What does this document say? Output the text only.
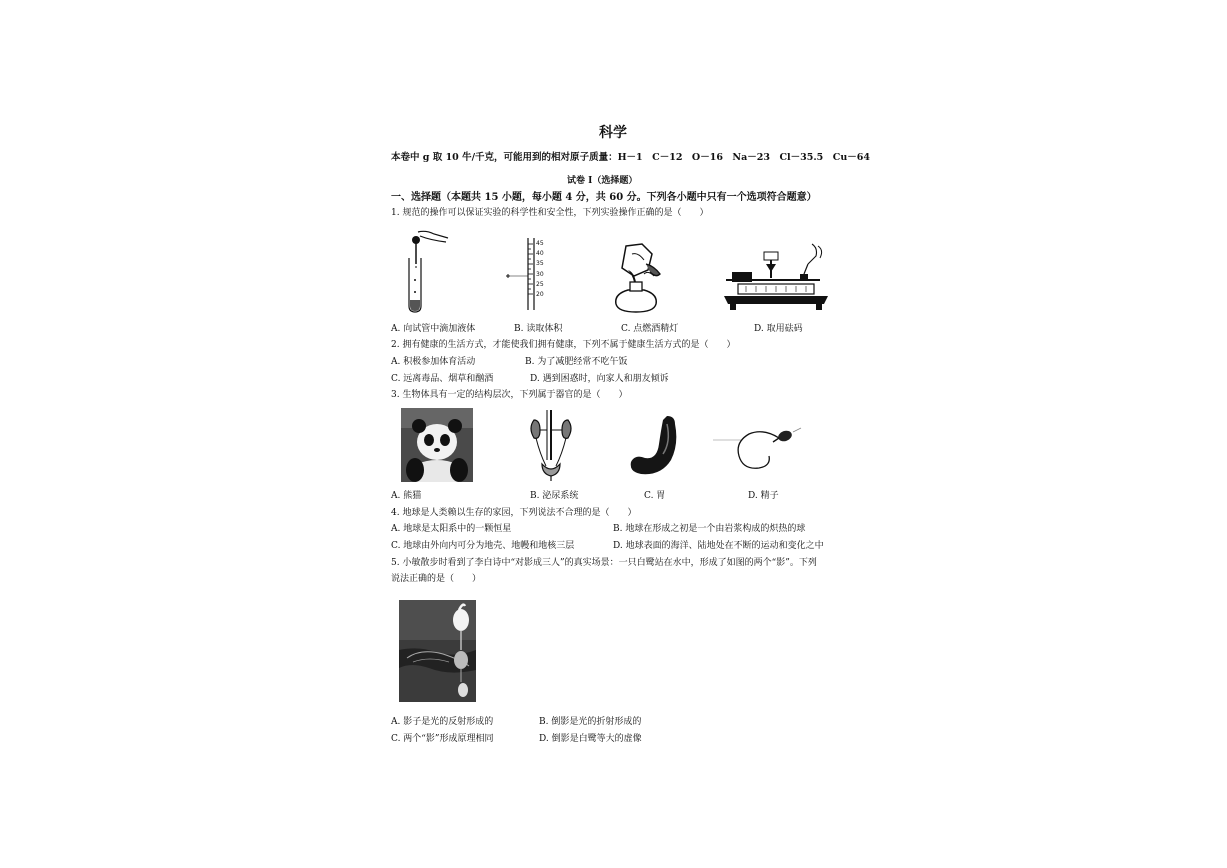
科学
本卷中 g 取 10 牛/千克，可能用到的相对原子质量：H－1　C－12　O－16　Na－23　Cl－35.5　Cu－64
试卷 I（选择题）
一、选择题（本题共 15 小题，每小题 4 分，共 60 分。下列各小题中只有一个选项符合题意）
1. 规范的操作可以保证实验的科学性和安全性，下列实验操作正确的是（　　）
45
40
35
30
25
20
A. 向试管中滴加液体	B. 读取体积	C. 点燃酒精灯	D. 取用砝码
2. 拥有健康的生活方式，才能使我们拥有健康，下列不属于健康生活方式的是（　　）
A. 积极参加体育活动	B. 为了减肥经常不吃午饭
C. 远离毒品、烟草和酗酒	D. 遇到困惑时，向家人和朋友倾诉
3. 生物体具有一定的结构层次，下列属于器官的是（　　）
A. 熊猫	B. 泌尿系统	C. 胃	D. 精子
4. 地球是人类赖以生存的家园，下列说法不合理的是（　　）
A. 地球是太阳系中的一颗恒星	B. 地球在形成之初是一个由岩浆构成的炽热的球
C. 地球由外向内可分为地壳、地幔和地核三层	D. 地球表面的海洋、陆地处在不断的运动和变化之中
5. 小敏散步时看到了李白诗中“对影成三人”的真实场景：一只白鹭站在水中，形成了如图的两个“影”。下列
说法正确的是（　　）
A. 影子是光的反射形成的	B. 倒影是光的折射形成的
C. 两个“影”形成原理相同	D. 倒影是白鹭等大的虚像
